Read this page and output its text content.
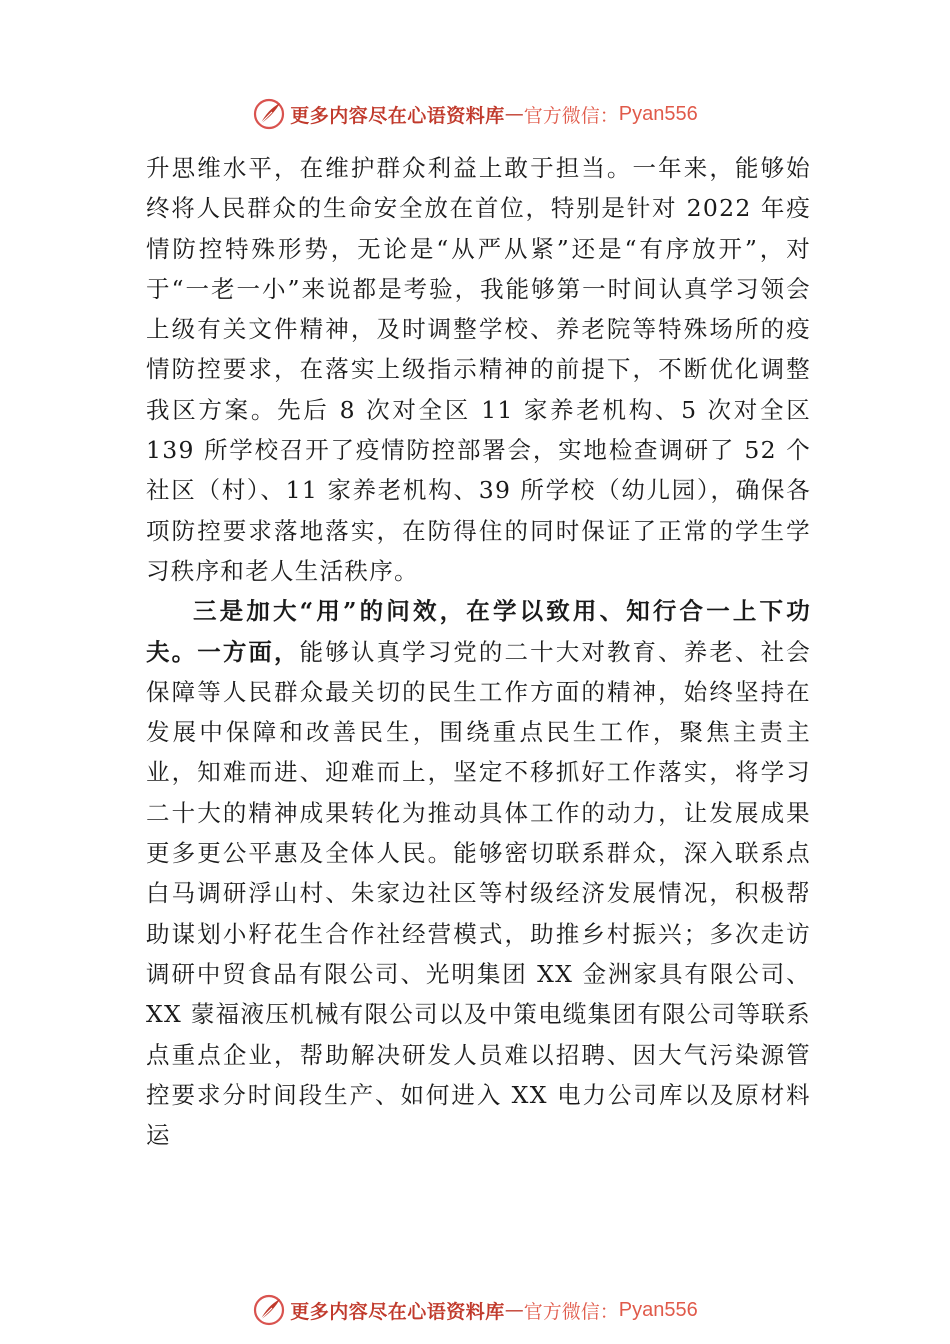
更多内容尽在心语资料库 — 官方微信： Pyan556

升思维水平，在维护群众利益上敢于担当。一年来，能够始终将人民群众的生命安全放在首位，特别是针对 2022 年疫情防控特殊形势，无论是“从严从紧”还是“有序放开”，对于“一老一小”来说都是考验，我能够第一时间认真学习领会上级有关文件精神，及时调整学校、养老院等特殊场所的疫情防控要求，在落实上级指示精神的前提下，不断优化调整我区方案。先后 8 次对全区 11 家养老机构、5 次对全区 139 所学校召开了疫情防控部署会，实地检查调研了 52 个社区（村）、11 家养老机构、39 所学校（幼儿园），确保各项防控要求落地落实，在防得住的同时保证了正常的学生学习秩序和老人生活秩序。

三是加大“用”的问效，在学以致用、知行合一上下功夫。一方面，能够认真学习党的二十大对教育、养老、社会保障等人民群众最关切的民生工作方面的精神，始终坚持在发展中保障和改善民生，围绕重点民生工作，聚焦主责主业，知难而进、迎难而上，坚定不移抓好工作落实，将学习二十大的精神成果转化为推动具体工作的动力，让发展成果更多更公平惠及全体人民。能够密切联系群众，深入联系点白马调研浮山村、朱家边社区等村级经济发展情况，积极帮助谋划小籽花生合作社经营模式，助推乡村振兴；多次走访调研中贸食品有限公司、光明集团 XX 金洲家具有限公司、XX 蒙福液压机械有限公司以及中策电缆集团有限公司等联系点重点企业，帮助解决研发人员难以招聘、因大气污染源管控要求分时间段生产、如何进入 XX 电力公司库以及原材料运

更多内容尽在心语资料库 — 官方微信： Pyan556
